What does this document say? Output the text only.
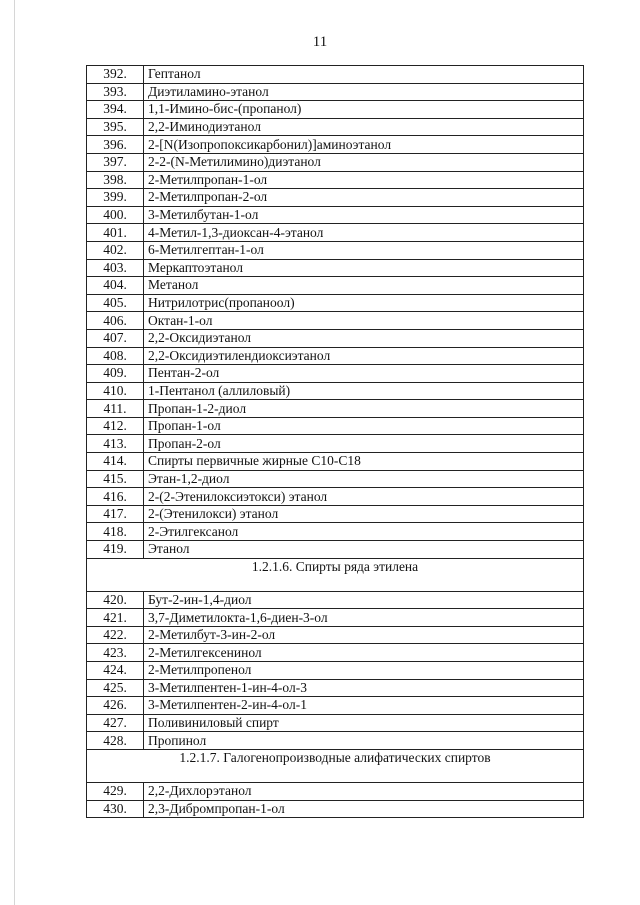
11
392.	Гептанол
393.	Диэтиламино-этанол
394.	1,1-Имино-бис-(пропанол)
395.	2,2-Иминодиэтанол
396.	2-[N(Изопропоксикарбонил)]аминоэтанол
397.	2-2-(N-Метилимино)диэтанол
398.	2-Метилпропан-1-ол
399.	2-Метилпропан-2-ол
400.	3-Метилбутан-1-ол
401.	4-Метил-1,3-диоксан-4-этанол
402.	6-Метилгептан-1-ол
403.	Меркаптоэтанол
404.	Метанол
405.	Нитрилотрис(пропаноол)
406.	Октан-1-ол
407.	2,2-Оксидиэтанол
408.	2,2-Оксидиэтилендиоксиэтанол
409.	Пентан-2-ол
410.	1-Пентанол (аллиловый)
411.	Пропан-1-2-диол
412.	Пропан-1-ол
413.	Пропан-2-ол
414.	Спирты первичные жирные С10-С18
415.	Этан-1,2-диол
416.	2-(2-Этенилоксиэтокси) этанол
417.	2-(Этенилокси) этанол
418.	2-Этилгексанол
419.	Этанол
1.2.1.6. Спирты ряда этилена	
420.	Бут-2-ин-1,4-диол
421.	3,7-Диметилокта-1,6-диен-3-ол
422.	2-Метилбут-3-ин-2-ол
423.	2-Метилгексенинол
424.	2-Метилпропенол
425.	3-Метилпентен-1-ин-4-ол-3
426.	3-Метилпентен-2-ин-4-ол-1
427.	Поливиниловый спирт
428.	Пропинол
1.2.1.7. Галогенопроизводные алифатических спиртов	
429.	2,2-Дихлорэтанол
430.	2,3-Дибромпропан-1-ол
